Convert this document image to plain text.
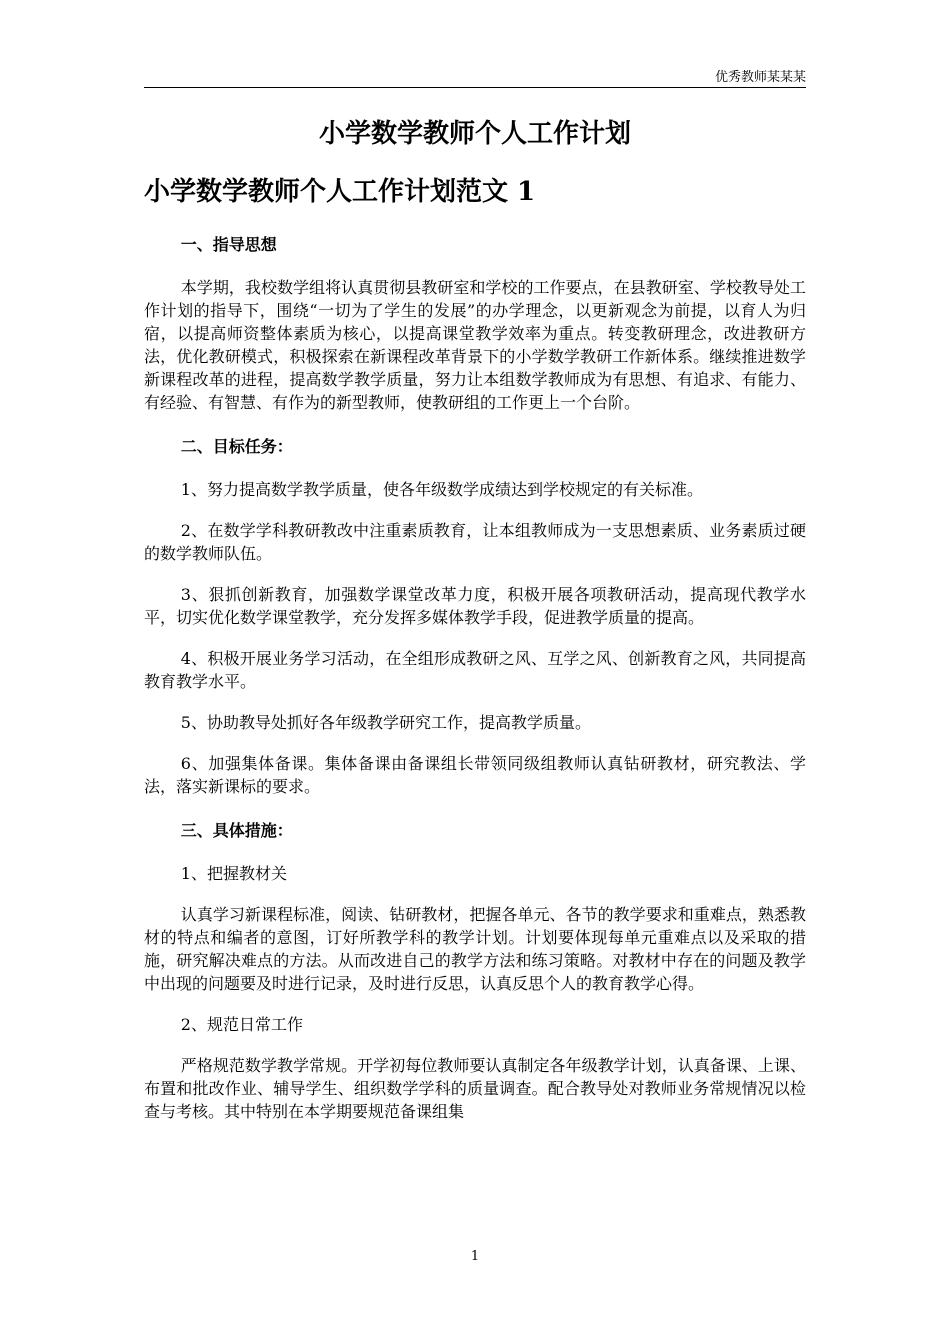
优秀教师某某某
小学数学教师个人工作计划
小学数学教师个人工作计划范文 1

一、指导思想

本学期，我校数学组将认真贯彻县教研室和学校的工作要点，在县教研室、学校教导处工作计划的指导下，围绕“一切为了学生的发展”的办学理念，以更新观念为前提，以育人为归宿，以提高师资整体素质为核心，以提高课堂教学效率为重点。转变教研理念，改进教研方法，优化教研模式，积极探索在新课程改革背景下的小学数学教研工作新体系。继续推进数学新课程改革的进程，提高数学教学质量，努力让本组数学教师成为有思想、有追求、有能力、有经验、有智慧、有作为的新型教师，使教研组的工作更上一个台阶。

二、目标任务：

1、努力提高数学教学质量，使各年级数学成绩达到学校规定的有关标准。

2、在数学学科教研教改中注重素质教育，让本组教师成为一支思想素质、业务素质过硬的数学教师队伍。

3、狠抓创新教育，加强数学课堂改革力度，积极开展各项教研活动，提高现代教学水平，切实优化数学课堂教学，充分发挥多媒体教学手段，促进教学质量的提高。

4、积极开展业务学习活动，在全组形成教研之风、互学之风、创新教育之风，共同提高教育教学水平。

5、协助教导处抓好各年级教学研究工作，提高教学质量。

6、加强集体备课。集体备课由备课组长带领同级组教师认真钻研教材，研究教法、学法，落实新课标的要求。

三、具体措施：

1、把握教材关

认真学习新课程标准，阅读、钻研教材，把握各单元、各节的教学要求和重难点，熟悉教材的特点和编者的意图，订好所教学科的教学计划。计划要体现每单元重难点以及采取的措施，研究解决难点的方法。从而改进自己的教学方法和练习策略。对教材中存在的问题及教学中出现的问题要及时进行记录，及时进行反思，认真反思个人的教育教学心得。

2、规范日常工作

严格规范数学教学常规。开学初每位教师要认真制定各年级教学计划，认真备课、上课、布置和批改作业、辅导学生、组织数学学科的质量调查。配合教导处对教师业务常规情况以检查与考核。其中特别在本学期要规范备课组集

1
